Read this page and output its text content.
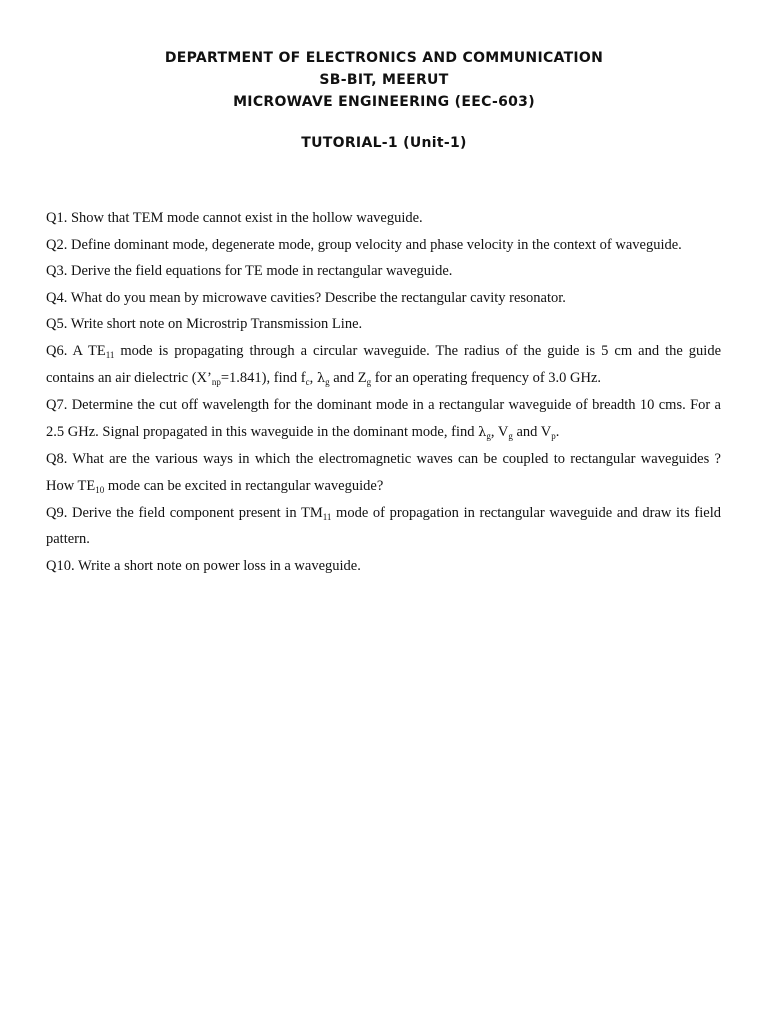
DEPARTMENT OF ELECTRONICS AND COMMUNICATION
SB-BIT, MEERUT
MICROWAVE ENGINEERING (EEC-603)
TUTORIAL-1 (Unit-1)

Q1. Show that TEM mode cannot exist in the hollow waveguide.

Q2. Define dominant mode, degenerate mode, group velocity and phase velocity in the context of waveguide.

Q3. Derive the field equations for TE mode in rectangular waveguide.

Q4. What do you mean by microwave cavities? Describe the rectangular cavity resonator.

Q5. Write short note on Microstrip Transmission Line.

Q6. A $TE_{11}$ mode is propagating through a circular waveguide. The radius of the guide is 5 cm and the guide contains an air dielectric $(X’_{np}=1.841)$, find $f_c$, $\lambda_g$ and $Z_g$ for an operating frequency of 3.0 GHz.

Q7. Determine the cut off wavelength for the dominant mode in a rectangular waveguide of breadth 10 cms. For a 2.5 GHz. Signal propagated in this waveguide in the dominant mode, find $\lambda_g$, $V_g$ and $V_p$.

Q8. What are the various ways in which the electromagnetic waves can be coupled to rectangular waveguides ? How $TE_{10}$ mode can be excited in rectangular waveguide?

Q9. Derive the field component present in $TM_{11}$ mode of propagation in rectangular waveguide and draw its field pattern.

Q10. Write a short note on power loss in a waveguide.
